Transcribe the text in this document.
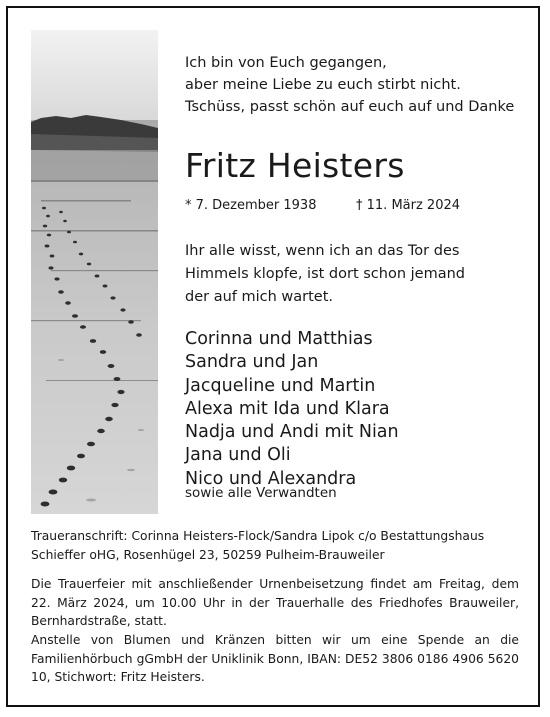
Ich bin von Euch gegangen,
aber meine Liebe zu euch stirbt nicht.
Tschüss, passt schön auf euch auf und Danke
Fritz Heisters
* 7. Dezember 1938	† 11. März 2024
Ihr alle wisst, wenn ich an das Tor des
Himmels klopfe, ist dort schon jemand
der auf mich wartet.
Corinna und Matthias
Sandra und Jan
Jacqueline und Martin
Alexa mit Ida und Klara
Nadja und Andi mit Nian
Jana und Oli
Nico und Alexandra
sowie alle Verwandten
Traueranschrift: Corinna Heisters-Flock/Sandra Lipok c/o Bestattungshaus
Schieffer oHG, Rosenhügel 23, 50259 Pulheim-Brauweiler

Die Trauerfeier mit anschließender Urnenbeisetzung findet am Freitag, dem 22. März 2024, um 10.00 Uhr in der Trauerhalle des Friedhofes Brauweiler, Bernhardstraße, statt.

Anstelle von Blumen und Kränzen bitten wir um eine Spende an die Familienhörbuch gGmbH der Uniklinik Bonn, IBAN: DE52 3806 0186 4906 5620 10, Stichwort: Fritz Heisters.
